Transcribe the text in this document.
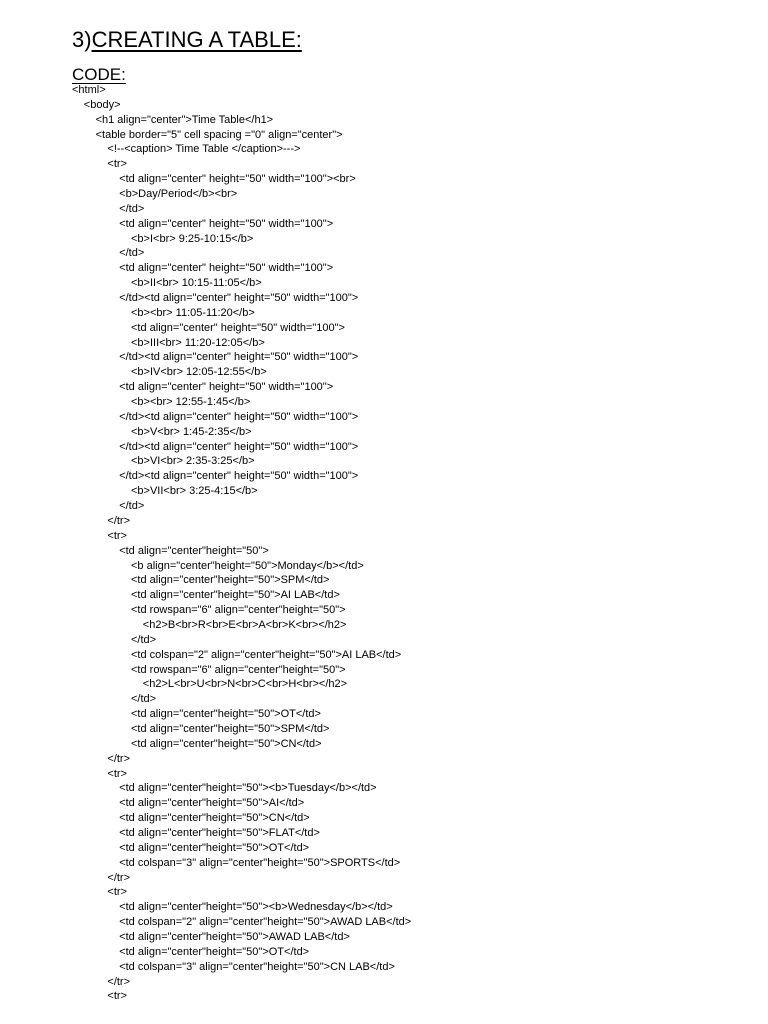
3)CREATING A TABLE:
CODE:
<html>
<body>
<h1 align="center">Time Table</h1>
<table border="5" cell spacing ="0" align="center">
<!--<caption> Time Table </caption>--->
<tr>
<td align="center" height="50" width="100"><br>
<b>Day/Period</b><br>
</td>
<td align="center" height="50" width="100">
<b>I<br> 9:25-10:15</b>
</td>
<td align="center" height="50" width="100">
<b>II<br> 10:15-11:05</b>
</td><td align="center" height="50" width="100">
<b><br> 11:05-11:20</b>
<td align="center" height="50" width="100">
<b>III<br> 11:20-12:05</b>
</td><td align="center" height="50" width="100">
<b>IV<br> 12:05-12:55</b>
<td align="center" height="50" width="100">
<b><br> 12:55-1:45</b>
</td><td align="center" height="50" width="100">
<b>V<br> 1:45-2:35</b>
</td><td align="center" height="50" width="100">
<b>VI<br> 2:35-3:25</b>
</td><td align="center" height="50" width="100">
<b>VII<br> 3:25-4:15</b>
</td>
</tr>
<tr>
<td align="center"height="50">
<b align="center"height="50">Monday</b></td>
<td align="center"height="50">SPM</td>
<td align="center"height="50">AI LAB</td>
<td rowspan="6" align="center"height="50">
<h2>B<br>R<br>E<br>A<br>K<br></h2>
</td>
<td colspan="2" align="center"height="50">AI LAB</td>
<td rowspan="6" align="center"height="50">
<h2>L<br>U<br>N<br>C<br>H<br></h2>
</td>
<td align="center"height="50">OT</td>
<td align="center"height="50">SPM</td>
<td align="center"height="50">CN</td>
</tr>
<tr>
<td align="center"height="50"><b>Tuesday</b></td>
<td align="center"height="50">AI</td>
<td align="center"height="50">CN</td>
<td align="center"height="50">FLAT</td>
<td align="center"height="50">OT</td>
<td colspan="3" align="center"height="50">SPORTS</td>
</tr>
<tr>
<td align="center"height="50"><b>Wednesday</b></td>
<td colspan="2" align="center"height="50">AWAD LAB</td>
<td align="center"height="50">AWAD LAB</td>
<td align="center"height="50">OT</td>
<td colspan="3" align="center"height="50">CN LAB</td>
</tr>
<tr>
